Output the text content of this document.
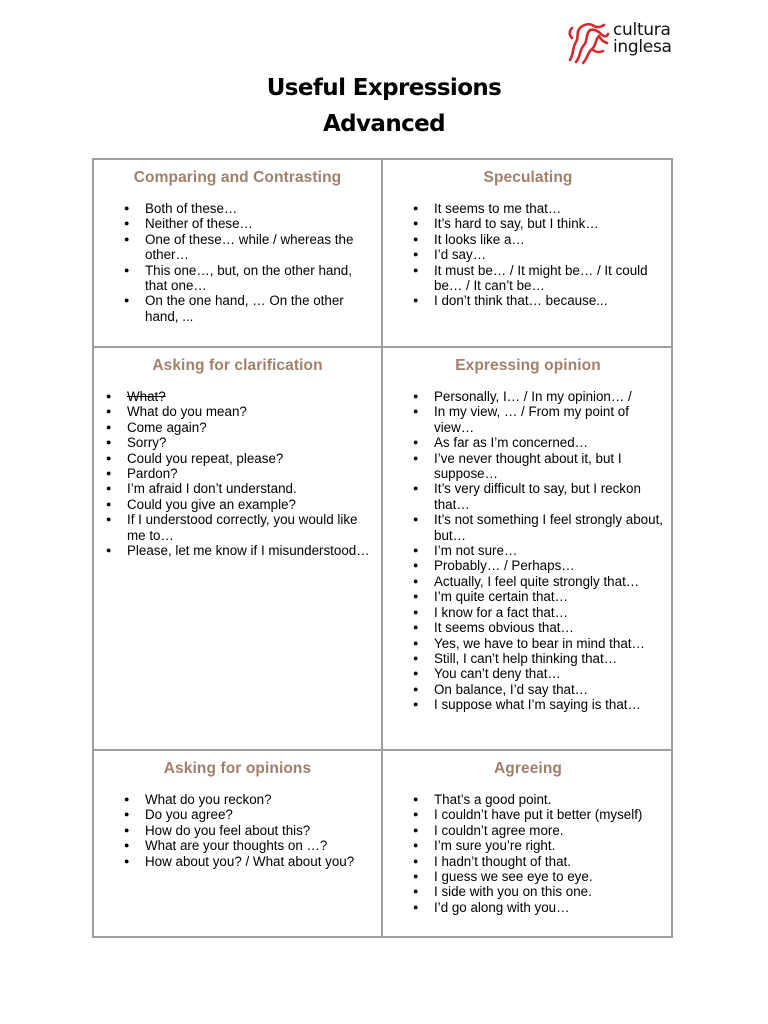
cultura
inglesa
Useful Expressions
Advanced
Comparing and Contrasting
● Both of these…
● Neither of these…
● One of these… while / whereas the other…
● This one…, but, on the other hand, that one…
● On the one hand, … On the other hand, ...
Speculating
● It seems to me that…
● It’s hard to say, but I think…
● It looks like a…
● I’d say…
● It must be… / It might be… / It could be… / It can’t be…
● I don’t think that… because...
Asking for clarification
● What?
● What do you mean?
● Come again?
● Sorry?
● Could you repeat, please?
● Pardon?
● I’m afraid I don’t understand.
● Could you give an example?
● If I understood correctly, you would like me to…
● Please, let me know if I misunderstood…
Expressing opinion
● Personally, I… / In my opinion… /
● In my view, … / From my point of view…
● As far as I’m concerned…
● I’ve never thought about it, but I suppose…
● It’s very difficult to say, but I reckon that…
● It’s not something I feel strongly about, but…
● I’m not sure…
● Probably… / Perhaps…
● Actually, I feel quite strongly that…
● I’m quite certain that…
● I know for a fact that…
● It seems obvious that…
● Yes, we have to bear in mind that…
● Still, I can’t help thinking that…
● You can’t deny that…
● On balance, I’d say that…
● I suppose what I’m saying is that…
Asking for opinions
● What do you reckon?
● Do you agree?
● How do you feel about this?
● What are your thoughts on …?
● How about you? / What about you?
Agreeing
● That’s a good point.
● I couldn’t have put it better (myself)
● I couldn’t agree more.
● I’m sure you’re right.
● I hadn’t thought of that.
● I guess we see eye to eye.
● I side with you on this one.
● I’d go along with you…
